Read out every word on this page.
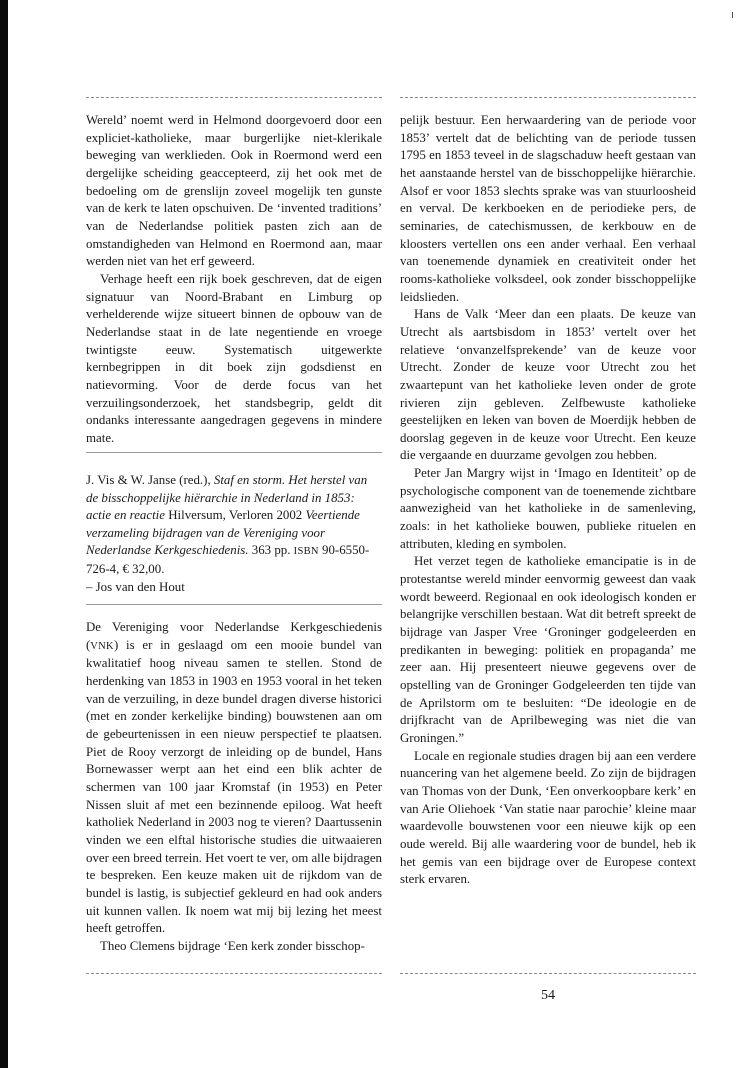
Wereld’ noemt werd in Helmond doorgevoerd door een expliciet-katholieke, maar burgerlijke niet-klerikale beweging van werklieden. Ook in Roermond werd een dergelijke scheiding geaccepteerd, zij het ook met de bedoeling om de grenslijn zoveel mogelijk ten gunste van de kerk te laten opschuiven. De ‘invented traditions’ van de Nederlandse politiek pasten zich aan de omstandigheden van Helmond en Roermond aan, maar werden niet van het erf geweerd.

Verhage heeft een rijk boek geschreven, dat de eigen signatuur van Noord-Brabant en Limburg op verhelderende wijze situeert binnen de opbouw van de Nederlandse staat in de late negentiende en vroege twintigste eeuw. Systematisch uitgewerkte kernbegrippen in dit boek zijn godsdienst en natievorming. Voor de derde focus van het verzuilingsonderzoek, het standsbegrip, geldt dit ondanks interessante aangedragen gegevens in mindere mate.

J. Vis & W. Janse (red.), Staf en storm. Het herstel van de bisschoppelijke hiërarchie in Nederland in 1853: actie en reactie Hilversum, Verloren 2002 Veertiende verzameling bijdragen van de Vereniging voor Nederlandse Kerkgeschiedenis. 363 pp. ISBN 90-6550-726-4, € 32,00.

– Jos van den Hout

De Vereniging voor Nederlandse Kerkgeschiedenis (VNK) is er in geslaagd om een mooie bundel van kwalitatief hoog niveau samen te stellen. Stond de herdenking van 1853 in 1903 en 1953 vooral in het teken van de verzuiling, in deze bundel dragen diverse historici (met en zonder kerkelijke binding) bouwstenen aan om de gebeurtenissen in een nieuw perspectief te plaatsen. Piet de Rooy verzorgt de inleiding op de bundel, Hans Bornewasser werpt aan het eind een blik achter de schermen van 100 jaar Kromstaf (in 1953) en Peter Nissen sluit af met een bezinnende epiloog. Wat heeft katholiek Nederland in 2003 nog te vieren? Daartussenin vinden we een elftal historische studies die uitwaaieren over een breed terrein. Het voert te ver, om alle bijdragen te bespreken. Een keuze maken uit de rijkdom van de bundel is lastig, is subjectief gekleurd en had ook anders uit kunnen vallen. Ik noem wat mij bij lezing het meest heeft getroffen.

Theo Clemens bijdrage ‘Een kerk zonder bisschop-

pelijk bestuur. Een herwaardering van de periode voor 1853’ vertelt dat de belichting van de periode tussen 1795 en 1853 teveel in de slagschaduw heeft gestaan van het aanstaande herstel van de bisschoppelijke hiërarchie. Alsof er voor 1853 slechts sprake was van stuurloosheid en verval. De kerkboeken en de periodieke pers, de seminaries, de catechismussen, de kerkbouw en de kloosters vertellen ons een ander verhaal. Een verhaal van toenemende dynamiek en creativiteit onder het rooms-katholieke volksdeel, ook zonder bisschoppelijke leidslieden.

Hans de Valk ‘Meer dan een plaats. De keuze van Utrecht als aartsbisdom in 1853’ vertelt over het relatieve ‘onvanzelfsprekende’ van de keuze voor Utrecht. Zonder de keuze voor Utrecht zou het zwaartepunt van het katholieke leven onder de grote rivieren zijn gebleven. Zelfbewuste katholieke geestelijken en leken van boven de Moerdijk hebben de doorslag gegeven in de keuze voor Utrecht. Een keuze die vergaande en duurzame gevolgen zou hebben.

Peter Jan Margry wijst in ‘Imago en Identiteit’ op de psychologische component van de toenemende zichtbare aanwezigheid van het katholieke in de samenleving, zoals: in het katholieke bouwen, publieke rituelen en attributen, kleding en symbolen.

Het verzet tegen de katholieke emancipatie is in de protestantse wereld minder eenvormig geweest dan vaak wordt beweerd. Regionaal en ook ideologisch konden er belangrijke verschillen bestaan. Wat dit betreft spreekt de bijdrage van Jasper Vree ‘Groninger godgeleerden en predikanten in beweging: politiek en propaganda’ me zeer aan. Hij presenteert nieuwe gegevens over de opstelling van de Groninger Godgeleerden ten tijde van de Aprilstorm om te besluiten: “De ideologie en de drijfkracht van de Aprilbeweging was niet die van Groningen.”

Locale en regionale studies dragen bij aan een verdere nuancering van het algemene beeld. Zo zijn de bijdragen van Thomas von der Dunk, ‘Een onverkoopbare kerk’ en van Arie Oliehoek ‘Van statie naar parochie’ kleine maar waardevolle bouwstenen voor een nieuwe kijk op een oude wereld. Bij alle waardering voor de bundel, heb ik het gemis van een bijdrage over de Europese context sterk ervaren.

54
